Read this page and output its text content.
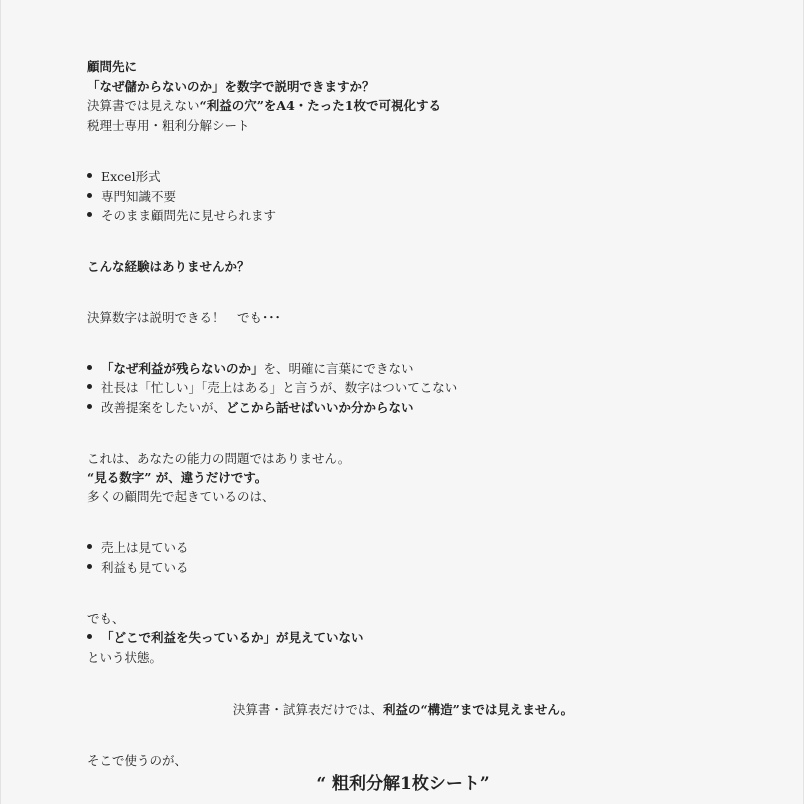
顧問先に
「なぜ儲からないのか」を数字で説明できますか？
決算書では見えない“利益の穴”をA4・たった1枚で可視化する
税理士専用・粗利分解シート
Excel形式
専門知識不要
そのまま顧問先に見せられます
こんな経験はありませんか？
決算数字は説明できる！　でも･･･
「なぜ利益が残らないのか」を、明確に言葉にできない
社長は「忙しい」「売上はある」と言うが、数字はついてこない
改善提案をしたいが、どこから話せばいいか分からない
これは、あなたの能力の問題ではありません。
“見る数字” が、違うだけです。
多くの顧問先で起きているのは、
売上は見ている
利益も見ている
でも、
「どこで利益を失っているか」が見えていない
という状態。
決算書・試算表だけでは、利益の“構造”までは見えません。
そこで使うのが、
“ 粗利分解1枚シート”
